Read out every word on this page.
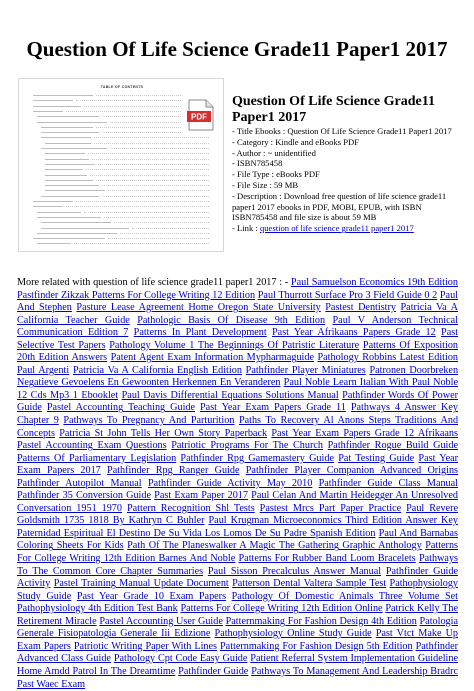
Question Of Life Science Grade11 Paper1 2017
TABLE OF CONTENTS
PDF
Question Of Life Science Grade11 Paper1 2017

- Title Ebooks : Question Of Life Science Grade11 Paper1 2017

- Category : Kindle and eBooks PDF

- Author : ~ unidentified

- ISBN785458

- File Type : eBooks PDF

- File Size : 59 MB

- Description : Download free question of life science grade11 paper1 2017 ebooks in PDF, MOBI, EPUB, with ISBN ISBN785458 and file size is about 59 MB

- Link : question of life science grade11 paper1 2017

More related with question of life science grade11 paper1 2017 : - Paul Samuelson Economics 19th Edition Pastfinder Zikzak Patterns For College Writing 12 Edition Paul Thurrott Surface Pro 3 Field Guide 0 2 Paul And Stephen Pasture Lease Agreement Home Oregon State University Pastest Dentistry Patricia Va A California Teacher Guide Pathologic Basis Of Disease 9th Edition Paul V Anderson Technical Communication Edition 7 Patterns In Plant Development Past Year Afrikaans Papers Grade 12 Past Selective Test Papers Pathology Volume 1 The Beginnings Of Patristic Literature Patterns Of Exposition 20th Edition Answers Patent Agent Exam Information Mypharmaguide Pathology Robbins Latest Edition Paul Argenti Patricia Va A California English Edition Pathfinder Player Miniatures Patronen Doorbreken Negatieve Gevoelens En Gewoonten Herkennen En Veranderen Paul Noble Learn Italian With Paul Noble 12 Cds Mp3 1 Ebooklet Paul Davis Differential Equations Solutions Manual Pathfinder Words Of Power Guide Pastel Accounting Teaching Guide Past Year Exam Papers Grade 11 Pathways 4 Answer Key Chapter 9 Pathways To Pregnancy And Parturition Paths To Recovery Al Anons Steps Traditions And Concepts Patricia St John Tells Her Own Story Paperback Past Year Exam Papers Grade 12 Afrikaans Pastel Accounting Exam Questions Patriotic Programs For The Church Pathfinder Rogue Build Guide Patterns Of Parliamentary Legislation Pathfinder Rpg Gamemastery Guide Pat Testing Guide Past Year Exam Papers 2017 Pathfinder Rpg Ranger Guide Pathfinder Player Companion Advanced Origins Pathfinder Autopilot Manual Pathfinder Guide Activity May 2010 Pathfinder Guide Class Manual Pathfinder 35 Conversion Guide Past Exam Paper 2017 Paul Celan And Martin Heidegger An Unresolved Conversation 1951 1970 Pattern Recognition Shl Tests Pastest Mrcs Part Paper Practice Paul Revere Goldsmith 1735 1818 By Kathryn C Buhler Paul Krugman Microeconomics Third Edition Answer Key Paternidad Espiritual El Destino De Su Vida Los Lomos De Su Padre Spanish Edition Paul And Barnabas Coloring Sheets For Kids Path Of The Planeswalker A Magic The Gathering Graphic Anthology Patterns For College Writing 12th Edition Barnes And Noble Patterns For Rubber Band Loom Bracelets Pathways To The Common Core Chapter Summaries Paul Sisson Precalculus Answer Manual Pathfinder Guide Activity Pastel Training Manual Update Document Patterson Dental Valtera Sample Test Pathophysiology Study Guide Past Year Grade 10 Exam Papers Pathology Of Domestic Animals Three Volume Set Pathophysiology 4th Edition Test Bank Patterns For College Writing 12th Edition Online Patrick Kelly The Retirement Miracle Pastel Accounting User Guide Patternmaking For Fashion Design 4th Edition Patologia Generale Fisiopatologia Generale Iii Edizione Pathophysiology Online Study Guide Past Vtct Make Up Exam Papers Patriotic Writing Paper With Lines Patternmaking For Fashion Design 5th Edition Pathfinder Advanced Class Guide Pathology Cpt Code Easy Guide Patient Referral System Implementation Guideline Home Amdd Patrol In The Dreamtime Pathfinder Guide Pathways To Management And Leadership Bradrc Past Waec Exam
